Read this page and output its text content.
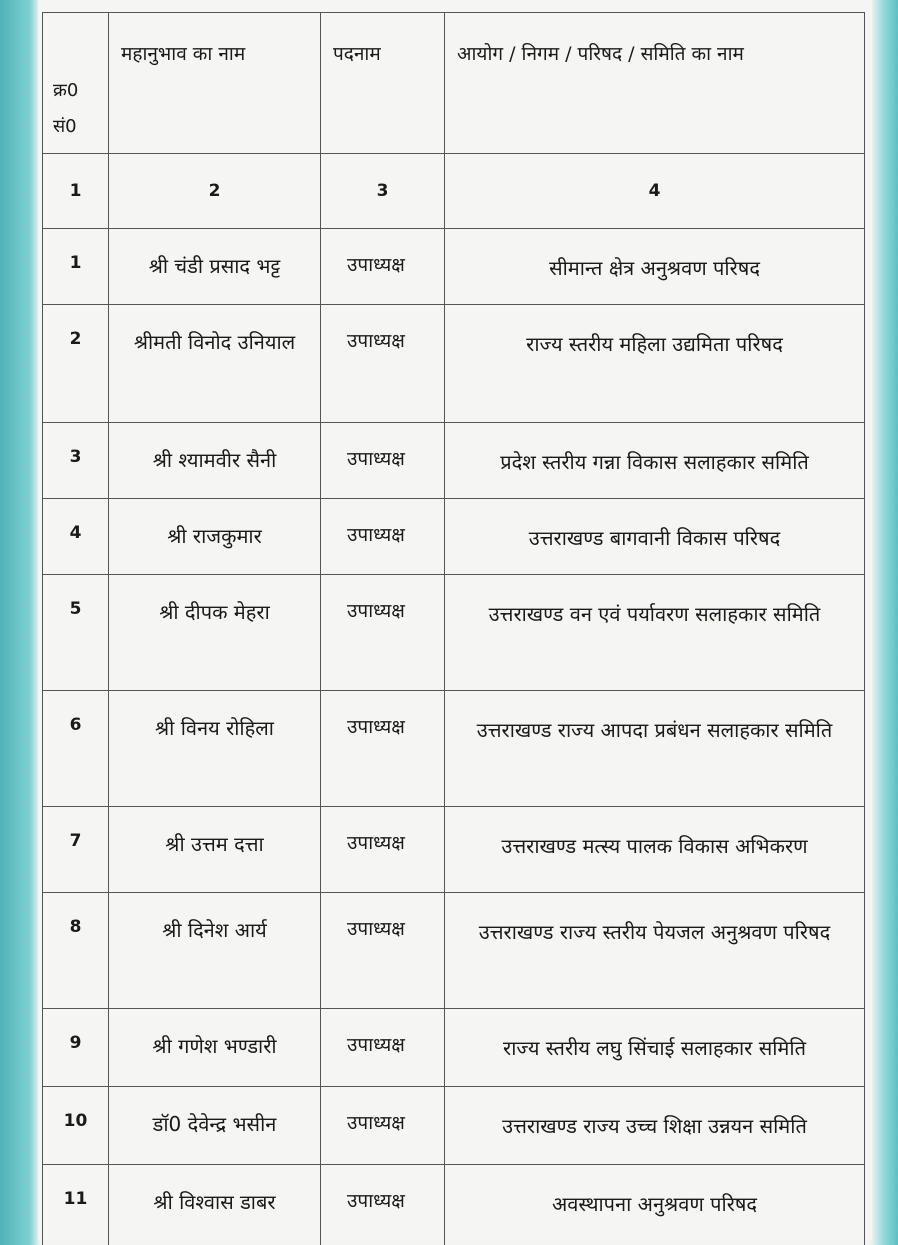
क्र0
सं0	महानुभाव का नाम	पदनाम	आयोग / निगम / परिषद / समिति का नाम

1	2	3	4
1	श्री चंडी प्रसाद भट्ट	उपाध्यक्ष	सीमान्त क्षेत्र अनुश्रवण परिषद
2	श्रीमती विनोद उनियाल	उपाध्यक्ष	राज्य स्तरीय महिला उद्यमिता परिषद
3	श्री श्यामवीर सैनी	उपाध्यक्ष	प्रदेश स्तरीय गन्ना विकास सलाहकार समिति
4	श्री राजकुमार	उपाध्यक्ष	उत्तराखण्ड बागवानी विकास परिषद
5	श्री दीपक मेहरा	उपाध्यक्ष	उत्तराखण्ड वन एवं पर्यावरण सलाहकार समिति
6	श्री विनय रोहिला	उपाध्यक्ष	उत्तराखण्ड राज्य आपदा प्रबंधन सलाहकार समिति
7	श्री उत्तम दत्ता	उपाध्यक्ष	उत्तराखण्ड मत्स्य पालक विकास अभिकरण
8	श्री दिनेश आर्य	उपाध्यक्ष	उत्तराखण्ड राज्य स्तरीय पेयजल अनुश्रवण परिषद
9	श्री गणेश भण्डारी	उपाध्यक्ष	राज्य स्तरीय लघु सिंचाई सलाहकार समिति
10	डॉ0 देवेन्द्र भसीन	उपाध्यक्ष	उत्तराखण्ड राज्य उच्च शिक्षा उन्नयन समिति
11	श्री विश्वास डाबर	उपाध्यक्ष	अवस्थापना अनुश्रवण परिषद
